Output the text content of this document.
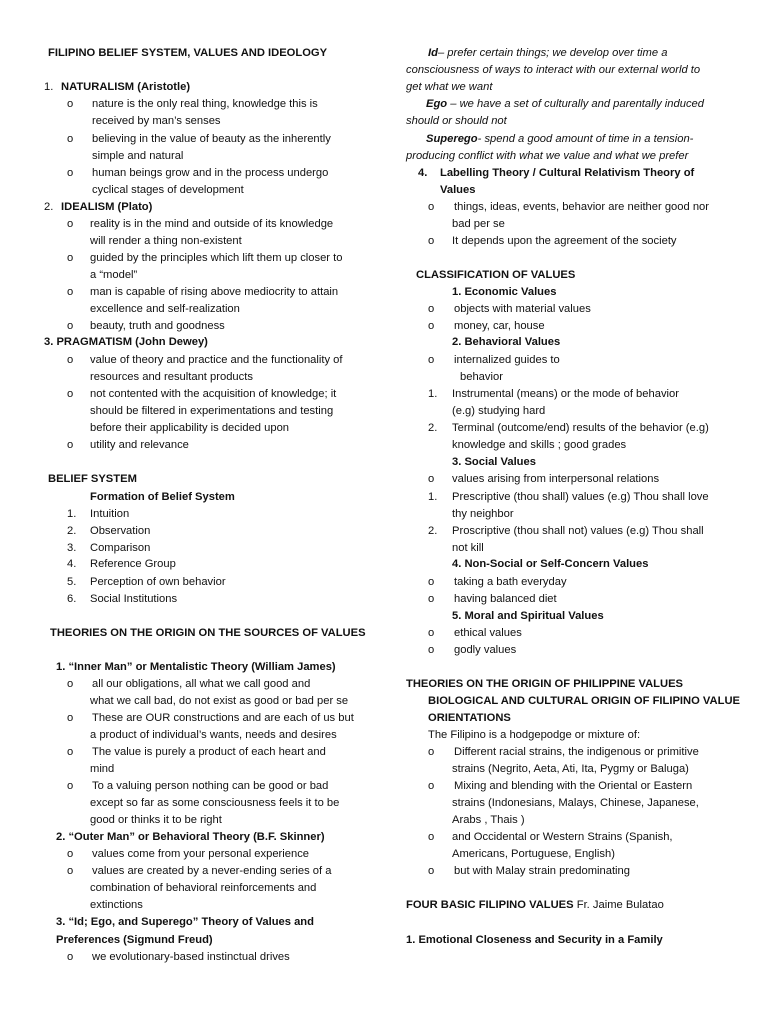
FILIPINO BELIEF SYSTEM, VALUES AND IDEOLOGY
1. NATURALISM (Aristotle)
o nature is the only real thing, knowledge this is
received by man’s senses
o believing in the value of beauty as the inherently
simple and natural
o human beings grow and in the process undergo
cyclical stages of development
2. IDEALISM (Plato)
o reality is in the mind and outside of its knowledge
will render a thing non-existent
o guided by the principles which lift them up closer to
a “model”
o man is capable of rising above mediocrity to attain
excellence and self-realization
o beauty, truth and goodness
3. PRAGMATISM (John Dewey)
o value of theory and practice and the functionality of
resources and resultant products
o not contented with the acquisition of knowledge; it
should be filtered in experimentations and testing
before their applicability is decided upon
o utility and relevance
BELIEF SYSTEM
Formation of Belief System
1. Intuition
2. Observation
3. Comparison
4. Reference Group
5. Perception of own behavior
6. Social Institutions
THEORIES ON THE ORIGIN ON THE SOURCES OF VALUES
1. “Inner Man” or Mentalistic Theory (William James)
o all our obligations, all what we call good and
what we call bad, do not exist as good or bad per se
o These are OUR constructions and are each of us but
a product of individual’s wants, needs and desires
o The value is purely a product of each heart and
mind
o To a valuing person nothing can be good or bad
except so far as some consciousness feels it to be
good or thinks it to be right
2. “Outer Man” or Behavioral Theory (B.F. Skinner)
o values come from your personal experience
o values are created by a never-ending series of a
combination of behavioral reinforcements and
extinctions
3. “Id; Ego, and Superego” Theory of Values and
Preferences (Sigmund Freud)
o we evolutionary-based instinctual drives
Id– prefer certain things; we develop over time a
consciousness of ways to interact with our external world to
get what we want
Ego – we have a set of culturally and parentally induced
should or should not
Superego- spend a good amount of time in a tension-
producing conflict with what we value and what we prefer
4. Labelling Theory / Cultural Relativism Theory of
Values
o things, ideas, events, behavior are neither good nor
bad per se
o It depends upon the agreement of the society
CLASSIFICATION OF VALUES
1. Economic Values
o objects with material values
o money, car, house
2. Behavioral Values
o internalized guides to
behavior
1. Instrumental (means) or the mode of behavior
(e.g) studying hard
2. Terminal (outcome/end) results of the behavior (e.g)
knowledge and skills ; good grades
3. Social Values
o values arising from interpersonal relations
1. Prescriptive (thou shall) values (e.g) Thou shall love
thy neighbor
2. Proscriptive (thou shall not) values (e.g) Thou shall
not kill
4. Non-Social or Self-Concern Values
o taking a bath everyday
o having balanced diet
5. Moral and Spiritual Values
o ethical values
o godly values
THEORIES ON THE ORIGIN OF PHILIPPINE VALUES
BIOLOGICAL AND CULTURAL ORIGIN OF FILIPINO VALUE
ORIENTATIONS
The Filipino is a hodgepodge or mixture of:
o Different racial strains, the indigenous or primitive
strains (Negrito, Aeta, Ati, Ita, Pygmy or Baluga)
o Mixing and blending with the Oriental or Eastern
strains (Indonesians, Malays, Chinese, Japanese,
Arabs , Thais )
o and Occidental or Western Strains (Spanish,
Americans, Portuguese, English)
o but with Malay strain predominating
FOUR BASIC FILIPINO VALUES Fr. Jaime Bulatao
1. Emotional Closeness and Security in a Family
